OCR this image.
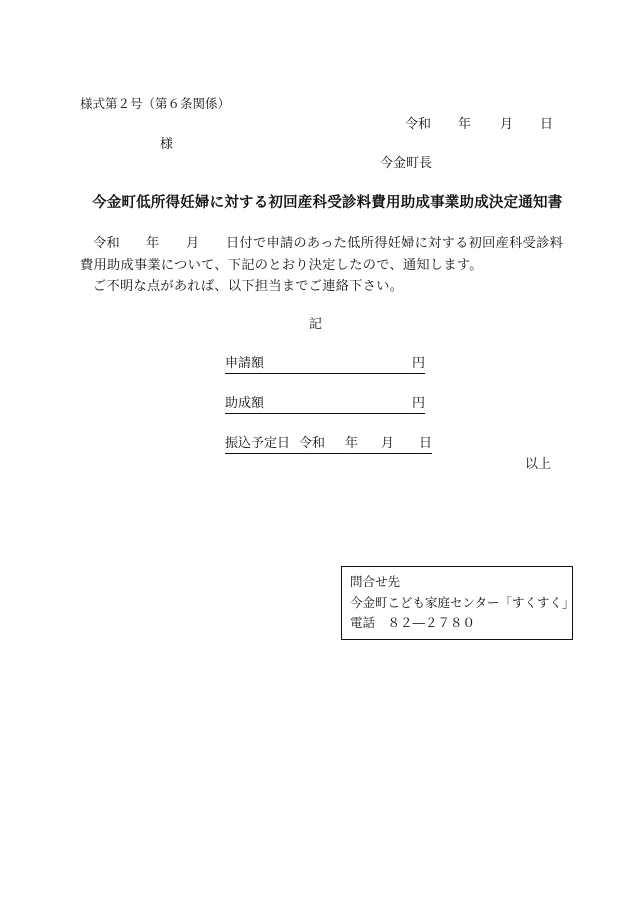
様式第２号（第６条関係）
令和 年 月 日
様
今金町長
今金町低所得妊婦に対する初回産科受診料費用助成事業助成決定通知書
令和 年 月 日付で申請のあった低所得妊婦に対する初回産科受診料
費用助成事業について、下記のとおり決定したので、通知します。
ご不明な点があれば、以下担当までご連絡下さい。
記
申請額	円
助成額	円
振込予定日 令和 年 月 日
以上
問合せ先
今金町こども家庭センター「すくすく」
電話　８２―２７８０
